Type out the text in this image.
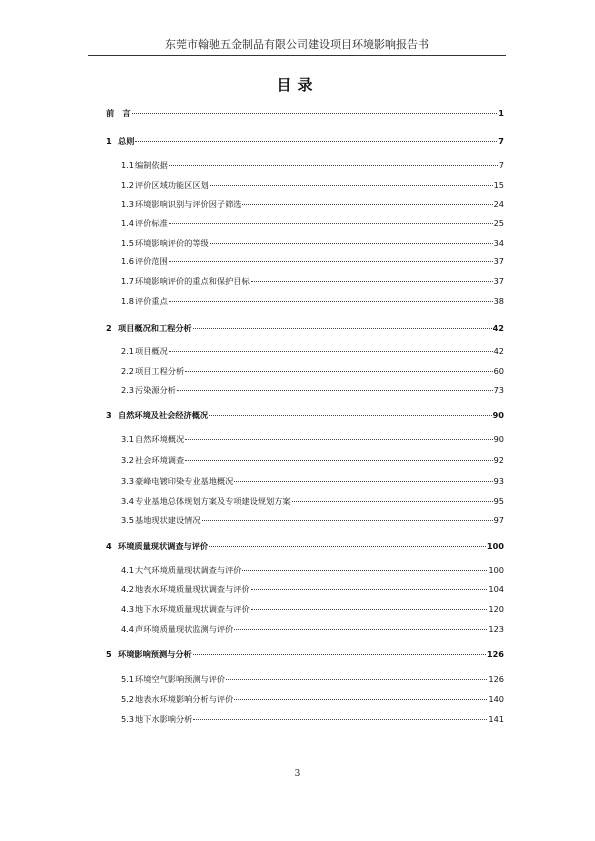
东莞市翰驰五金制品有限公司建设项目环境影响报告书
目录
前　言	1
1 总则	7
1.1 编制依据	7
1.2 评价区域功能区区划	15
1.3 环境影响识别与评价因子筛选	24
1.4 评价标准	25
1.5 环境影响评价的等级	34
1.6 评价范围	37
1.7 环境影响评价的重点和保护目标	37
1.8 评价重点	38
2 项目概况和工程分析	42
2.1 项目概况	42
2.2 项目工程分析	60
2.3 污染源分析	73
3 自然环境及社会经济概况	90
3.1 自然环境概况	90
3.2 社会环境调查	92
3.3 豪峰电镀印染专业基地概况	93
3.4 专业基地总体规划方案及专项建设规划方案	95
3.5 基地现状建设情况	97
4 环境质量现状调查与评价	100
4.1 大气环境质量现状调查与评价	100
4.2 地表水环境质量现状调查与评价	104
4.3 地下水环境质量现状调查与评价	120
4.4 声环境质量现状监测与评价	123
5 环境影响预测与分析	126
5.1 环境空气影响预测与评价	126
5.2 地表水环境影响分析与评价	140
5.3 地下水影响分析	141
3
